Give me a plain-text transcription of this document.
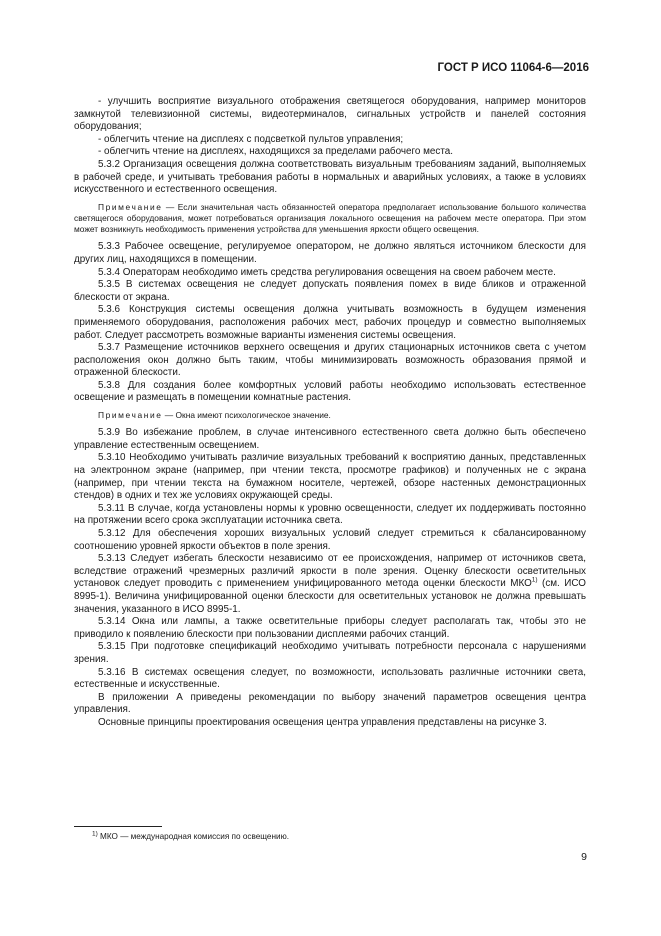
ГОСТ Р ИСО 11064-6—2016

- улучшить восприятие визуального отображения светящегося оборудования, например мониторов замкнутой телевизионной системы, видеотерминалов, сигнальных устройств и панелей состояния оборудования;

- облегчить чтение на дисплеях с подсветкой пультов управления;

- облегчить чтение на дисплеях, находящихся за пределами рабочего места.

5.3.2 Организация освещения должна соответствовать визуальным требованиям заданий, выполняемых в рабочей среде, и учитывать требования работы в нормальных и аварийных условиях, а также в условиях искусственного и естественного освещения.

Примечание — Если значительная часть обязанностей оператора предполагает использование большого количества светящегося оборудования, может потребоваться организация локального освещения на рабочем месте оператора. При этом может возникнуть необходимость применения устройства для уменьшения яркости общего освещения.

5.3.3 Рабочее освещение, регулируемое оператором, не должно являться источником блескости для других лиц, находящихся в помещении.

5.3.4 Операторам необходимо иметь средства регулирования освещения на своем рабочем месте.

5.3.5 В системах освещения не следует допускать появления помех в виде бликов и отраженной блескости от экрана.

5.3.6 Конструкция системы освещения должна учитывать возможность в будущем изменения применяемого оборудования, расположения рабочих мест, рабочих процедур и совместно выполняемых работ. Следует рассмотреть возможные варианты изменения системы освещения.

5.3.7 Размещение источников верхнего освещения и других стационарных источников света с учетом расположения окон должно быть таким, чтобы минимизировать возможность образования прямой и отраженной блескости.

5.3.8 Для создания более комфортных условий работы необходимо использовать естественное освещение и размещать в помещении комнатные растения.

Примечание — Окна имеют психологическое значение.

5.3.9 Во избежание проблем, в случае интенсивного естественного света должно быть обеспечено управление естественным освещением.

5.3.10 Необходимо учитывать различие визуальных требований к восприятию данных, представленных на электронном экране (например, при чтении текста, просмотре графиков) и полученных не с экрана (например, при чтении текста на бумажном носителе, чертежей, обзоре настенных демонстрационных стендов) в одних и тех же условиях окружающей среды.

5.3.11 В случае, когда установлены нормы к уровню освещенности, следует их поддерживать постоянно на протяжении всего срока эксплуатации источника света.

5.3.12 Для обеспечения хороших визуальных условий следует стремиться к сбалансированному соотношению уровней яркости объектов в поле зрения.

5.3.13 Следует избегать блескости независимо от ее происхождения, например от источников света, вследствие отражений чрезмерных различий яркости в поле зрения. Оценку блескости осветительных установок следует проводить с применением унифицированного метода оценки блескости МКО$^{1)}$ (см. ИСО 8995-1). Величина унифицированной оценки блескости для осветительных установок не должна превышать значения, указанного в ИСО 8995-1.

5.3.14 Окна или лампы, а также осветительные приборы следует располагать так, чтобы это не приводило к появлению блескости при пользовании дисплеями рабочих станций.

5.3.15 При подготовке спецификаций необходимо учитывать потребности персонала с нарушениями зрения.

5.3.16 В системах освещения следует, по возможности, использовать различные источники света, естественные и искусственные.

В приложении А приведены рекомендации по выбору значений параметров освещения центра управления.

Основные принципы проектирования освещения центра управления представлены на рисунке 3.

$^{1)}$ МКО — международная комиссия по освещению.
9
